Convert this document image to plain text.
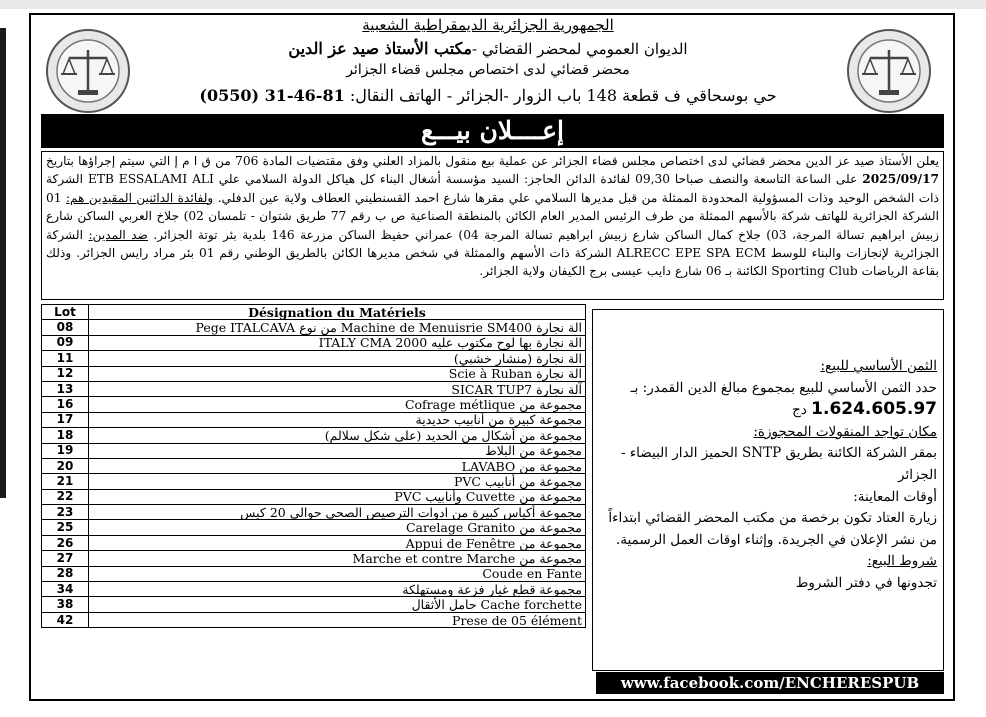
الجمهورية الجزائرية الديمقراطية الشعبية
الديوان العمومي لمحضر القضائي -مكتب الأستاذ صيد عز الدين
محضر قضائي لدى اختصاص مجلس قضاء الجزائر
حي بوسحاقي ف قطعة 148 باب الزوار -الجزائر - الهاتف النقال: (0550) 31-46-81
إعــــلان بيـــع
يعلن الأستاذ صيد عز الدين محضر قضائي لدى اختصاص مجلس قضاء الجزائر عن عملية بيع منقول بالمزاد العلني وفق مقتضيات المادة 706 من ق ا م إ التي سيتم إجراؤها بتاريخ 2025/09/17 على الساعة التاسعة والنصف صباحا 09,30 لفائدة الدائن الحاجز: السيد مؤسسة أشغال البناء كل هياكل الدولة السلامي علي ETB ESSALAMI ALI الشركة ذات الشخص الوحيد وذات المسؤولية المحدودة الممثلة من قبل مديرها السلامي علي مقرها شارع احمد القسنطيني العطاف ولاية عين الدفلي. ولفائدة الدائنين المقيدين هم: 01 الشركة الجزائرية للهاتف شركة بالأسهم الممثلة من طرف الرئيس المدير العام الكائن بالمنطقة الصناعية ص ب رقم 77 طريق شتوان - تلمسان 02) جلاخ العربي الساكن شارع زبيش ابراهيم تسالة المرجة، 03) جلاخ كمال الساكن شارع زبيش ابراهيم تسالة المرجة 04) عمراني حفيظ الساكن مزرعة 146 بلدية بئر توتة الجزائر. ضد المدين: الشركة الجزائرية لإنجازات والبناء للوسط ALRECC EPE SPA ECM الشركة ذات الأسهم والممثلة في شخص مديرها الكائن بالطريق الوطني رقم 01 بئر مراد رايس الجزائر. وذلك بقاعة الرياضات Sporting Club الكائنة بـ 06 شارع دايب عيسى برج الكيفان ولاية الجزائر.
Lot	Désignation du Matériels
08	الة نجارة Machine de Menuisrie SM400 من نوع Pege ITALCAVA
09	الة نجارة بها لوح مكتوب عليه ITALY CMA 2000
11	الة نجارة (منشار خشبي)
12	الة نجارة Scie à Ruban
13	آلة نجارة SICAR TUP7
16	مجموعة من Cofrage métlique
17	مجموعة كبيرة من أنابيب حديدية
18	مجموعة من أشكال من الحديد (على شكل سلالم)
19	مجموعة من البلاط
20	مجموعة من LAVABO
21	مجموعة من أنابيب PVC
22	مجموعة من Cuvette وأنابيب PVC
23	مجموعة أكياس كبيرة من ادوات الترصيص الصحي حوالي 20 كيس
25	مجموعة من Carelage Granito
26	مجموعة من Appui de Fenêtre
27	مجموعة من Marche et contre Marche
28	Coude en Fante
34	مجموعة قطع غيار فزعة ومستهلكة
38	Cache forchette حامل الأثقال
42	Prese de 05 élément
الثمن الأساسي للبيع:
حدد الثمن الأساسي للبيع بمجموع مبالغ الدين القمدر: بـ 1.624.605.97 دج
مكان تواجد المنقولات المحجوزة:
بمقر الشركة الكائنة بطريق SNTP الحميز الدار البيضاء - الجزائر
أوقات المعاينة:
زيارة العتاد تكون برخصة من مكتب المحضر القضائي ابتداءاً من نشر الإعلان في الجريدة. وإثناء اوقات العمل الرسمية.
شروط البيع:
تجدونها في دفتر الشروط
www.facebook.com/ENCHERESPUB
